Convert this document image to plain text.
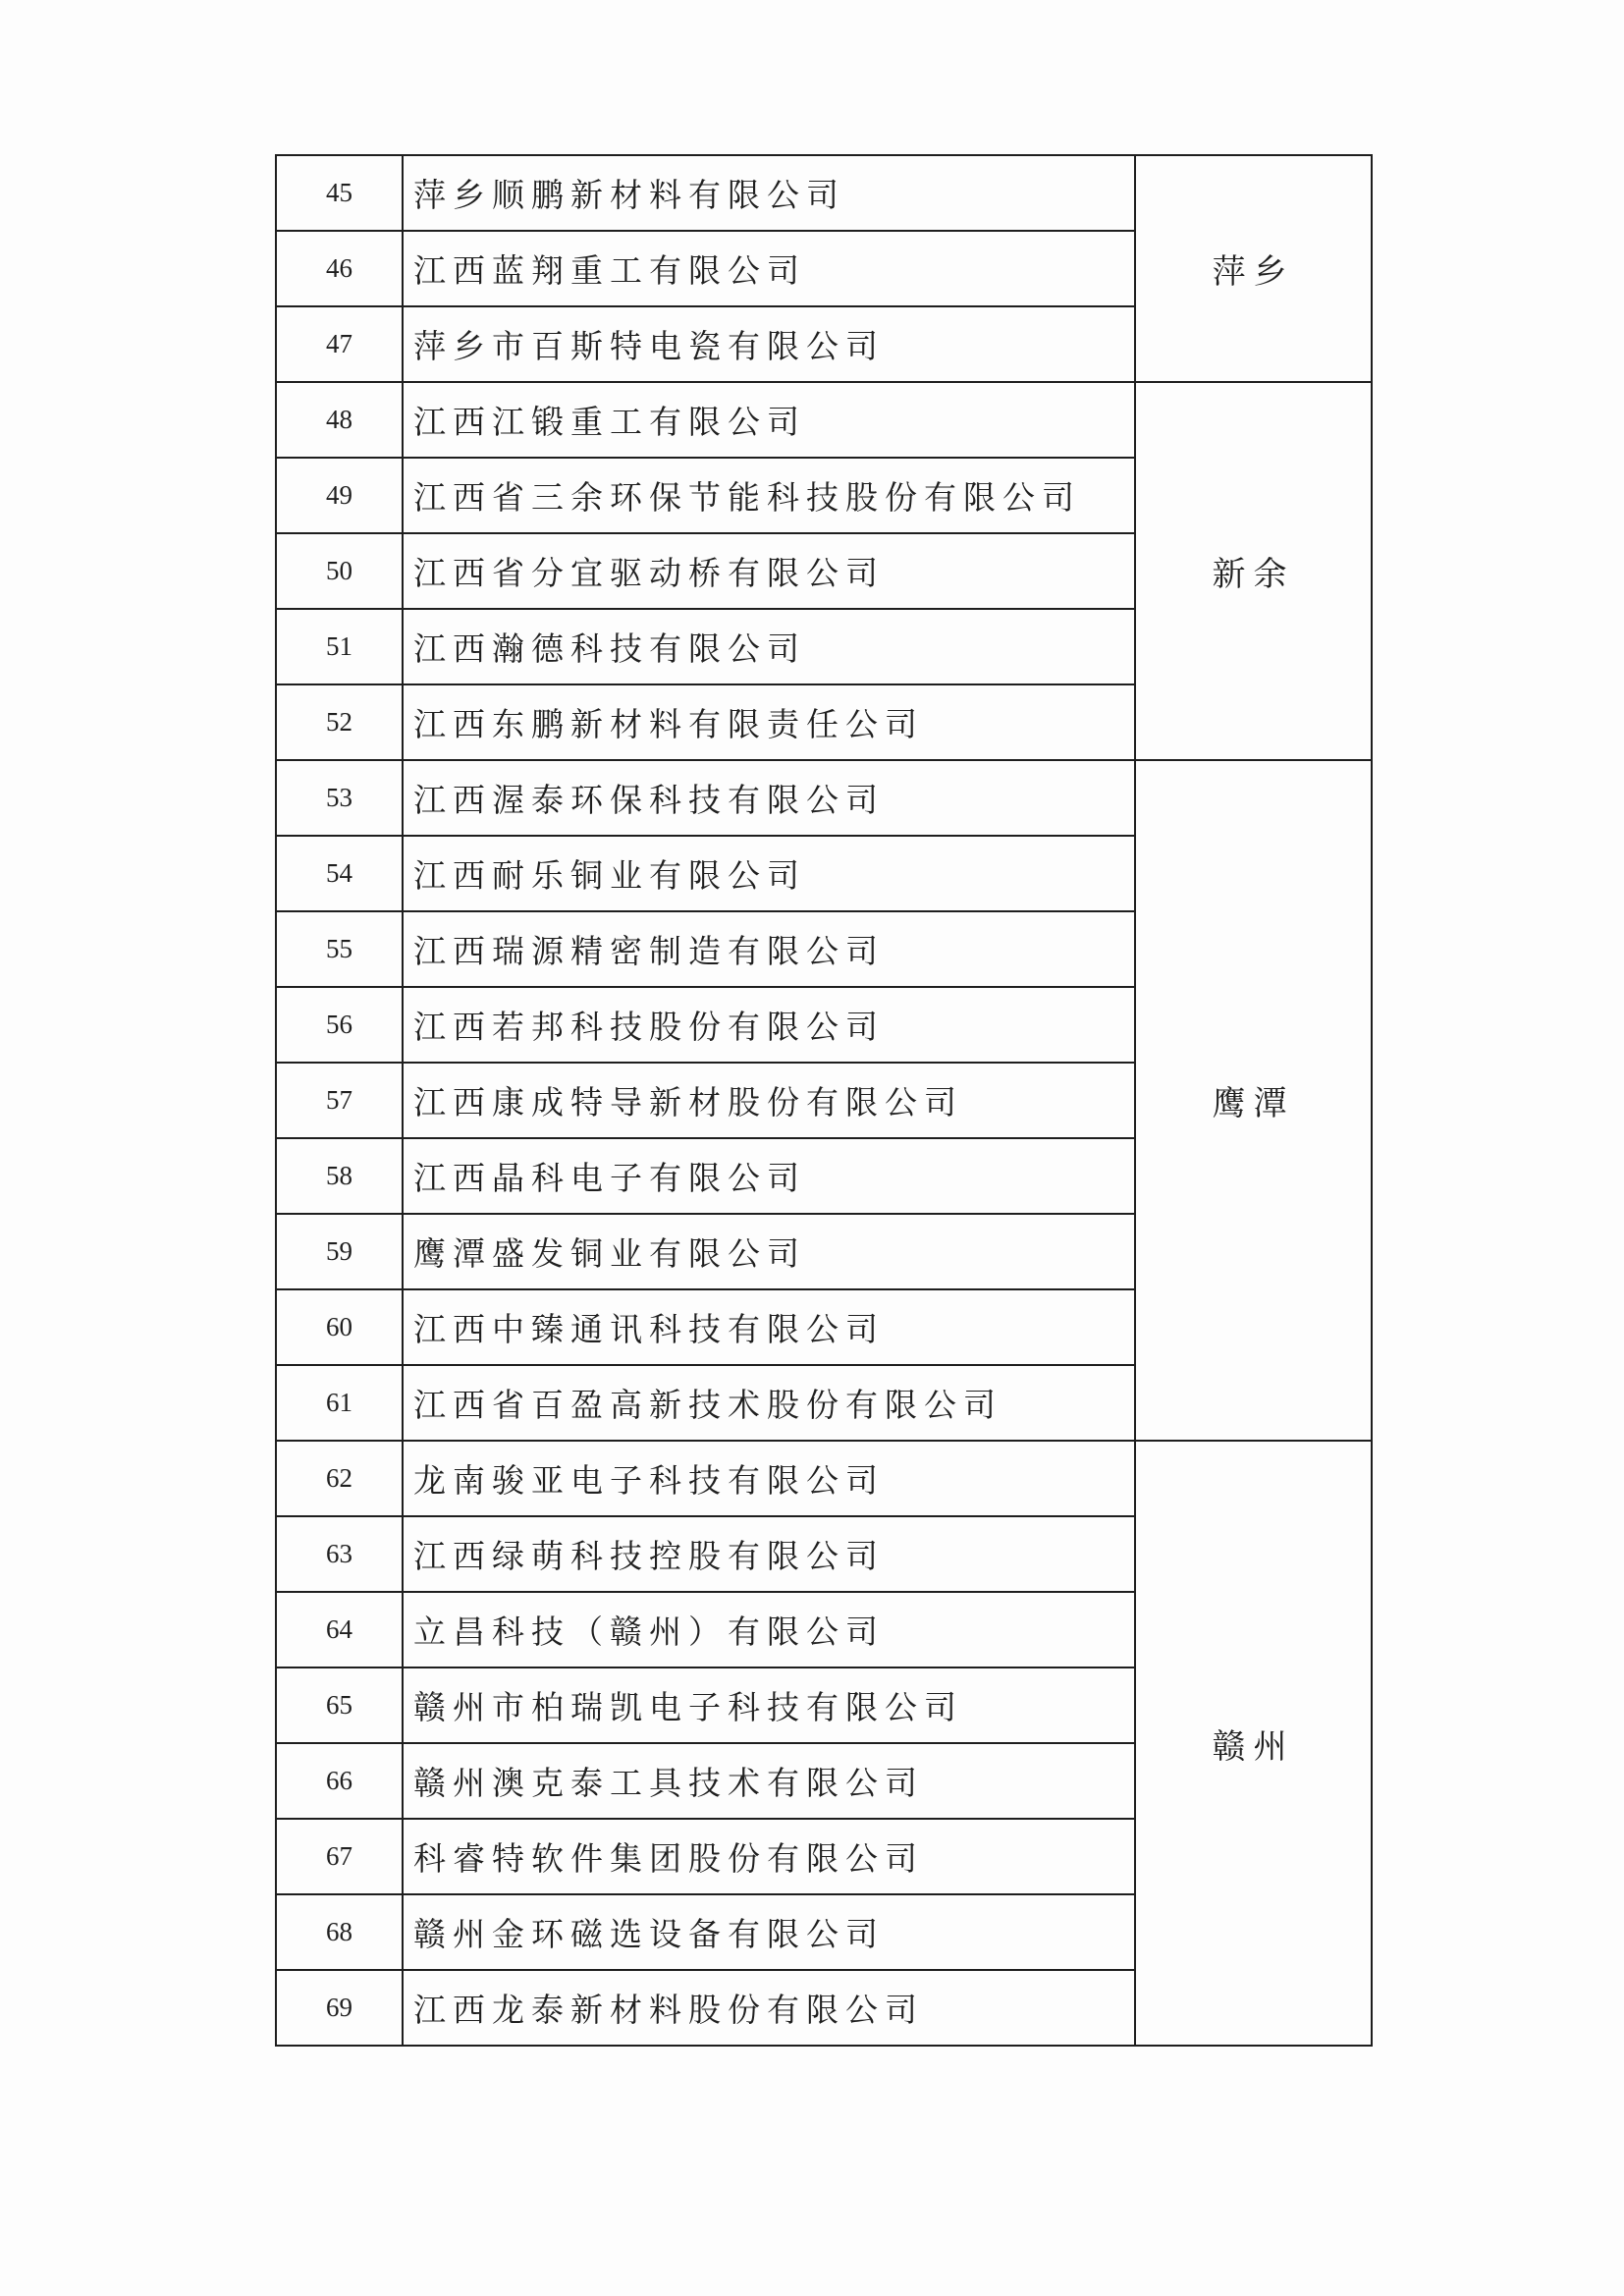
45	萍乡顺鹏新材料有限公司	萍乡
46	江西蓝翔重工有限公司	
47	萍乡市百斯特电瓷有限公司	
48	江西江锻重工有限公司	新余
49	江西省三余环保节能科技股份有限公司	
50	江西省分宜驱动桥有限公司	
51	江西瀚德科技有限公司	
52	江西东鹏新材料有限责任公司	
53	江西渥泰环保科技有限公司	鹰潭
54	江西耐乐铜业有限公司	
55	江西瑞源精密制造有限公司	
56	江西若邦科技股份有限公司	
57	江西康成特导新材股份有限公司	
58	江西晶科电子有限公司	
59	鹰潭盛发铜业有限公司	
60	江西中臻通讯科技有限公司	
61	江西省百盈高新技术股份有限公司	
62	龙南骏亚电子科技有限公司	赣州
63	江西绿萌科技控股有限公司	
64	立昌科技（赣州）有限公司	
65	赣州市柏瑞凯电子科技有限公司	
66	赣州澳克泰工具技术有限公司	
67	科睿特软件集团股份有限公司	
68	赣州金环磁选设备有限公司	
69	江西龙泰新材料股份有限公司	
